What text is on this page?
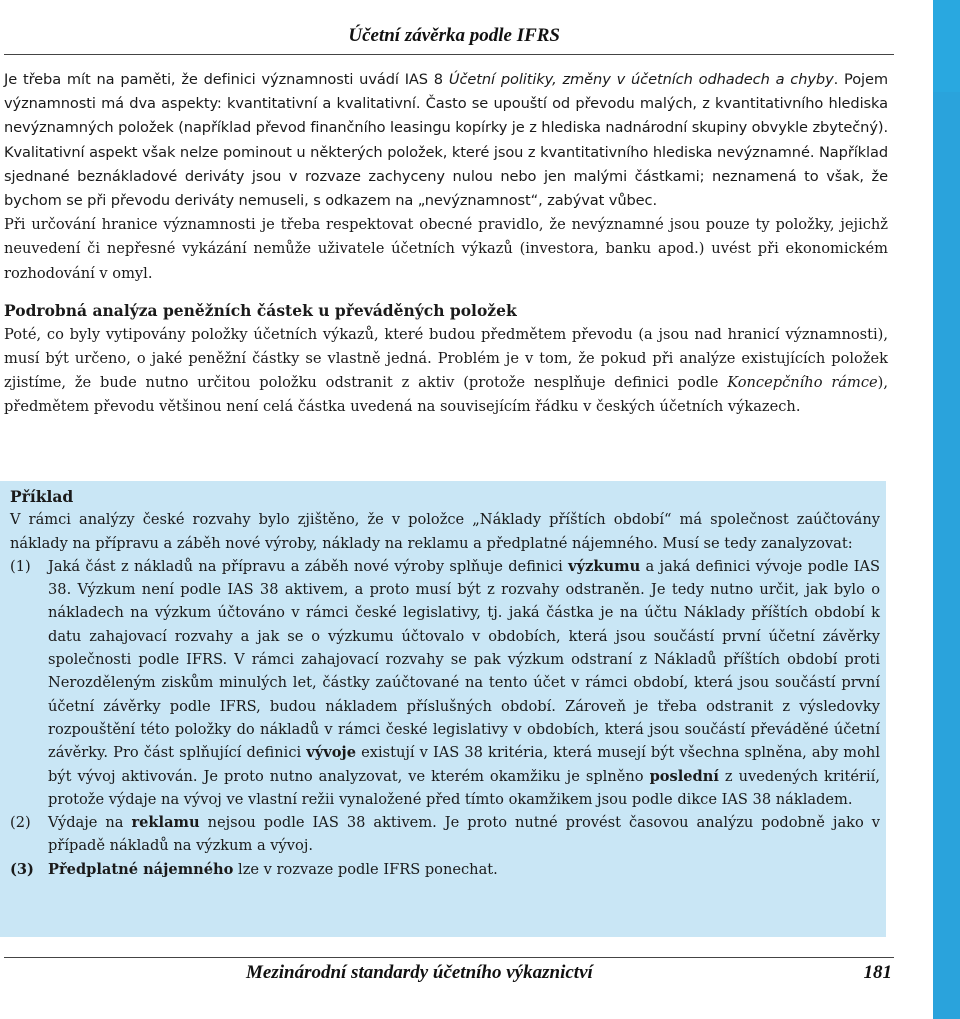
Účetní závěrka podle IFRS

Je třeba mít na paměti, že definici významnosti uvádí IAS 8 Účetní politiky, změny v účetních odhadech a chyby. Pojem významnosti má dva aspekty: kvantitativní a kvalitativní. Často se upouští od převodu malých, z kvantitativního hlediska nevýznamných položek (například převod finančního leasingu kopírky je z hlediska nadnárodní skupiny obvykle zbytečný). Kvalitativní aspekt však nelze pominout u některých položek, které jsou z kvantitativního hlediska nevýznamné. Například sjednané beznákladové deriváty jsou v rozvaze zachyceny nulou nebo jen malými částkami; neznamená to však, že bychom se při převodu deriváty nemuseli, s odkazem na „nevýznamnost“, zabývat vůbec.

Při určování hranice významnosti je třeba respektovat obecné pravidlo, že nevýznamné jsou pouze ty položky, jejichž neuvedení či nepřesné vykázání nemůže uživatele účetních výkazů (investora, banku apod.) uvést při ekonomickém rozhodování v omyl.

Podrobná analýza peněžních částek u převáděných položek

Poté, co byly vytipovány položky účetních výkazů, které budou předmětem převodu (a jsou nad hranicí významnosti), musí být určeno, o jaké peněžní částky se vlastně jedná. Problém je v tom, že pokud při analýze existujících položek zjistíme, že bude nutno určitou položku odstranit z aktiv (protože nesplňuje definici podle Koncepčního rámce), předmětem převodu většinou není celá částka uvedená na souvisejícím řádku v českých účetních výkazech.

Příklad

V rámci analýzy české rozvahy bylo zjištěno, že v položce „Náklady příštích období“ má společnost zaúčtovány náklady na přípravu a záběh nové výroby, náklady na reklamu a předplatné nájemného. Musí se tedy zanalyzovat:

(1)	Jaká část z nákladů na přípravu a záběh nové výroby splňuje definici výzkumu a jaká definici vývoje podle IAS 38. Výzkum není podle IAS 38 aktivem, a proto musí být z rozvahy odstraněn. Je tedy nutno určit, jak bylo o nákladech na výzkum účtováno v rámci české legislativy, tj. jaká částka je na účtu Náklady příštích období k datu zahajovací rozvahy a jak se o výzkumu účtovalo v obdobích, která jsou součástí první účetní závěrky společnosti podle IFRS. V rámci zahajovací rozvahy se pak výzkum odstraní z Nákladů příštích období proti Nerozděleným ziskům minulých let, částky zaúčtované na tento účet v rámci období, která jsou součástí první účetní závěrky podle IFRS, budou nákladem příslušných období. Zároveň je třeba odstranit z výsledovky rozpouštění této položky do nákladů v rámci české legislativy v obdobích, která jsou součástí převáděné účetní závěrky. Pro část splňující definici vývoje existují v IAS 38 kritéria, která musejí být všechna splněna, aby mohl být vývoj aktivován. Je proto nutno analyzovat, ve kterém okamžiku je splněno poslední z uvedených kritérií, protože výdaje na vývoj ve vlastní režii vynaložené před tímto okamžikem jsou podle dikce IAS 38 nákladem.
(2)	Výdaje na reklamu nejsou podle IAS 38 aktivem. Je proto nutné provést časovou analýzu podobně jako v případě nákladů na výzkum a vývoj.
(3) Předplatné nájemného lze v rozvaze podle IFRS ponechat.
Mezinárodní standardy účetního výkaznictví	181
